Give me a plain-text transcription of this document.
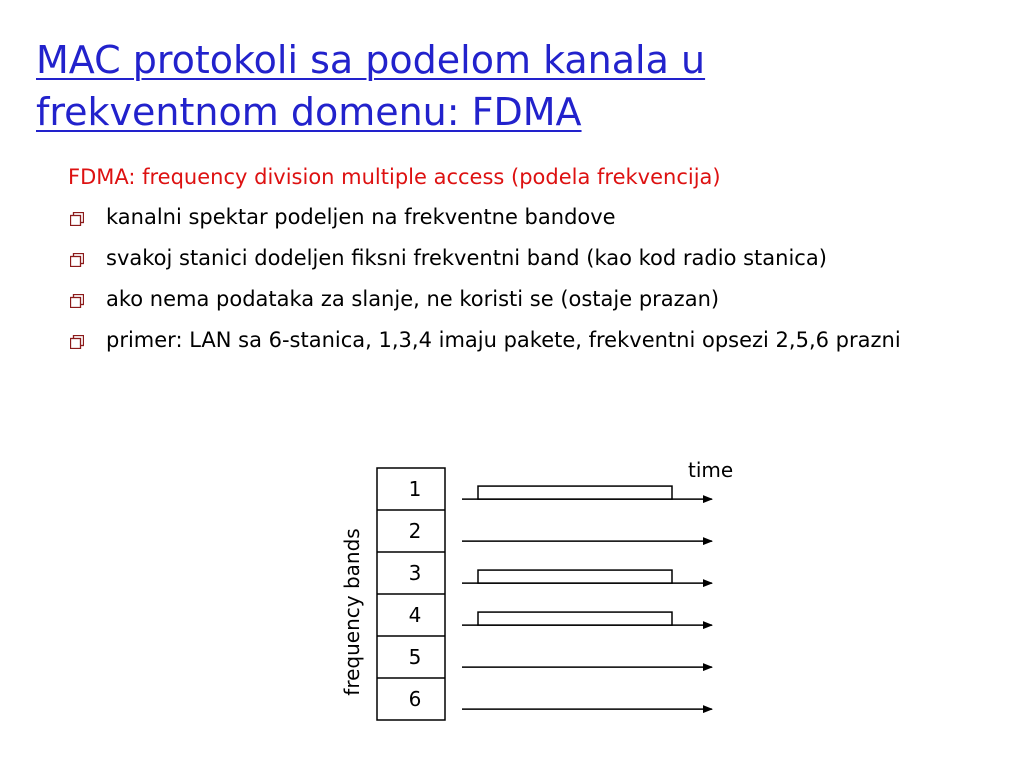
MAC protokoli sa podelom kanala u
frekventnom domenu: FDMA
FDMA: frequency division multiple access (podela frekvencija)
kanalni spektar podeljen na frekventne bandove
svakoj stanici dodeljen fiksni frekventni band (kao kod radio stanica)
ako nema podataka za slanje, ne koristi se (ostaje prazan)
primer: LAN sa 6-stanica, 1,3,4 imaju pakete, frekventni opsezi 2,5,6 prazni
frequency bands
time
1
2
3
4
5
6
